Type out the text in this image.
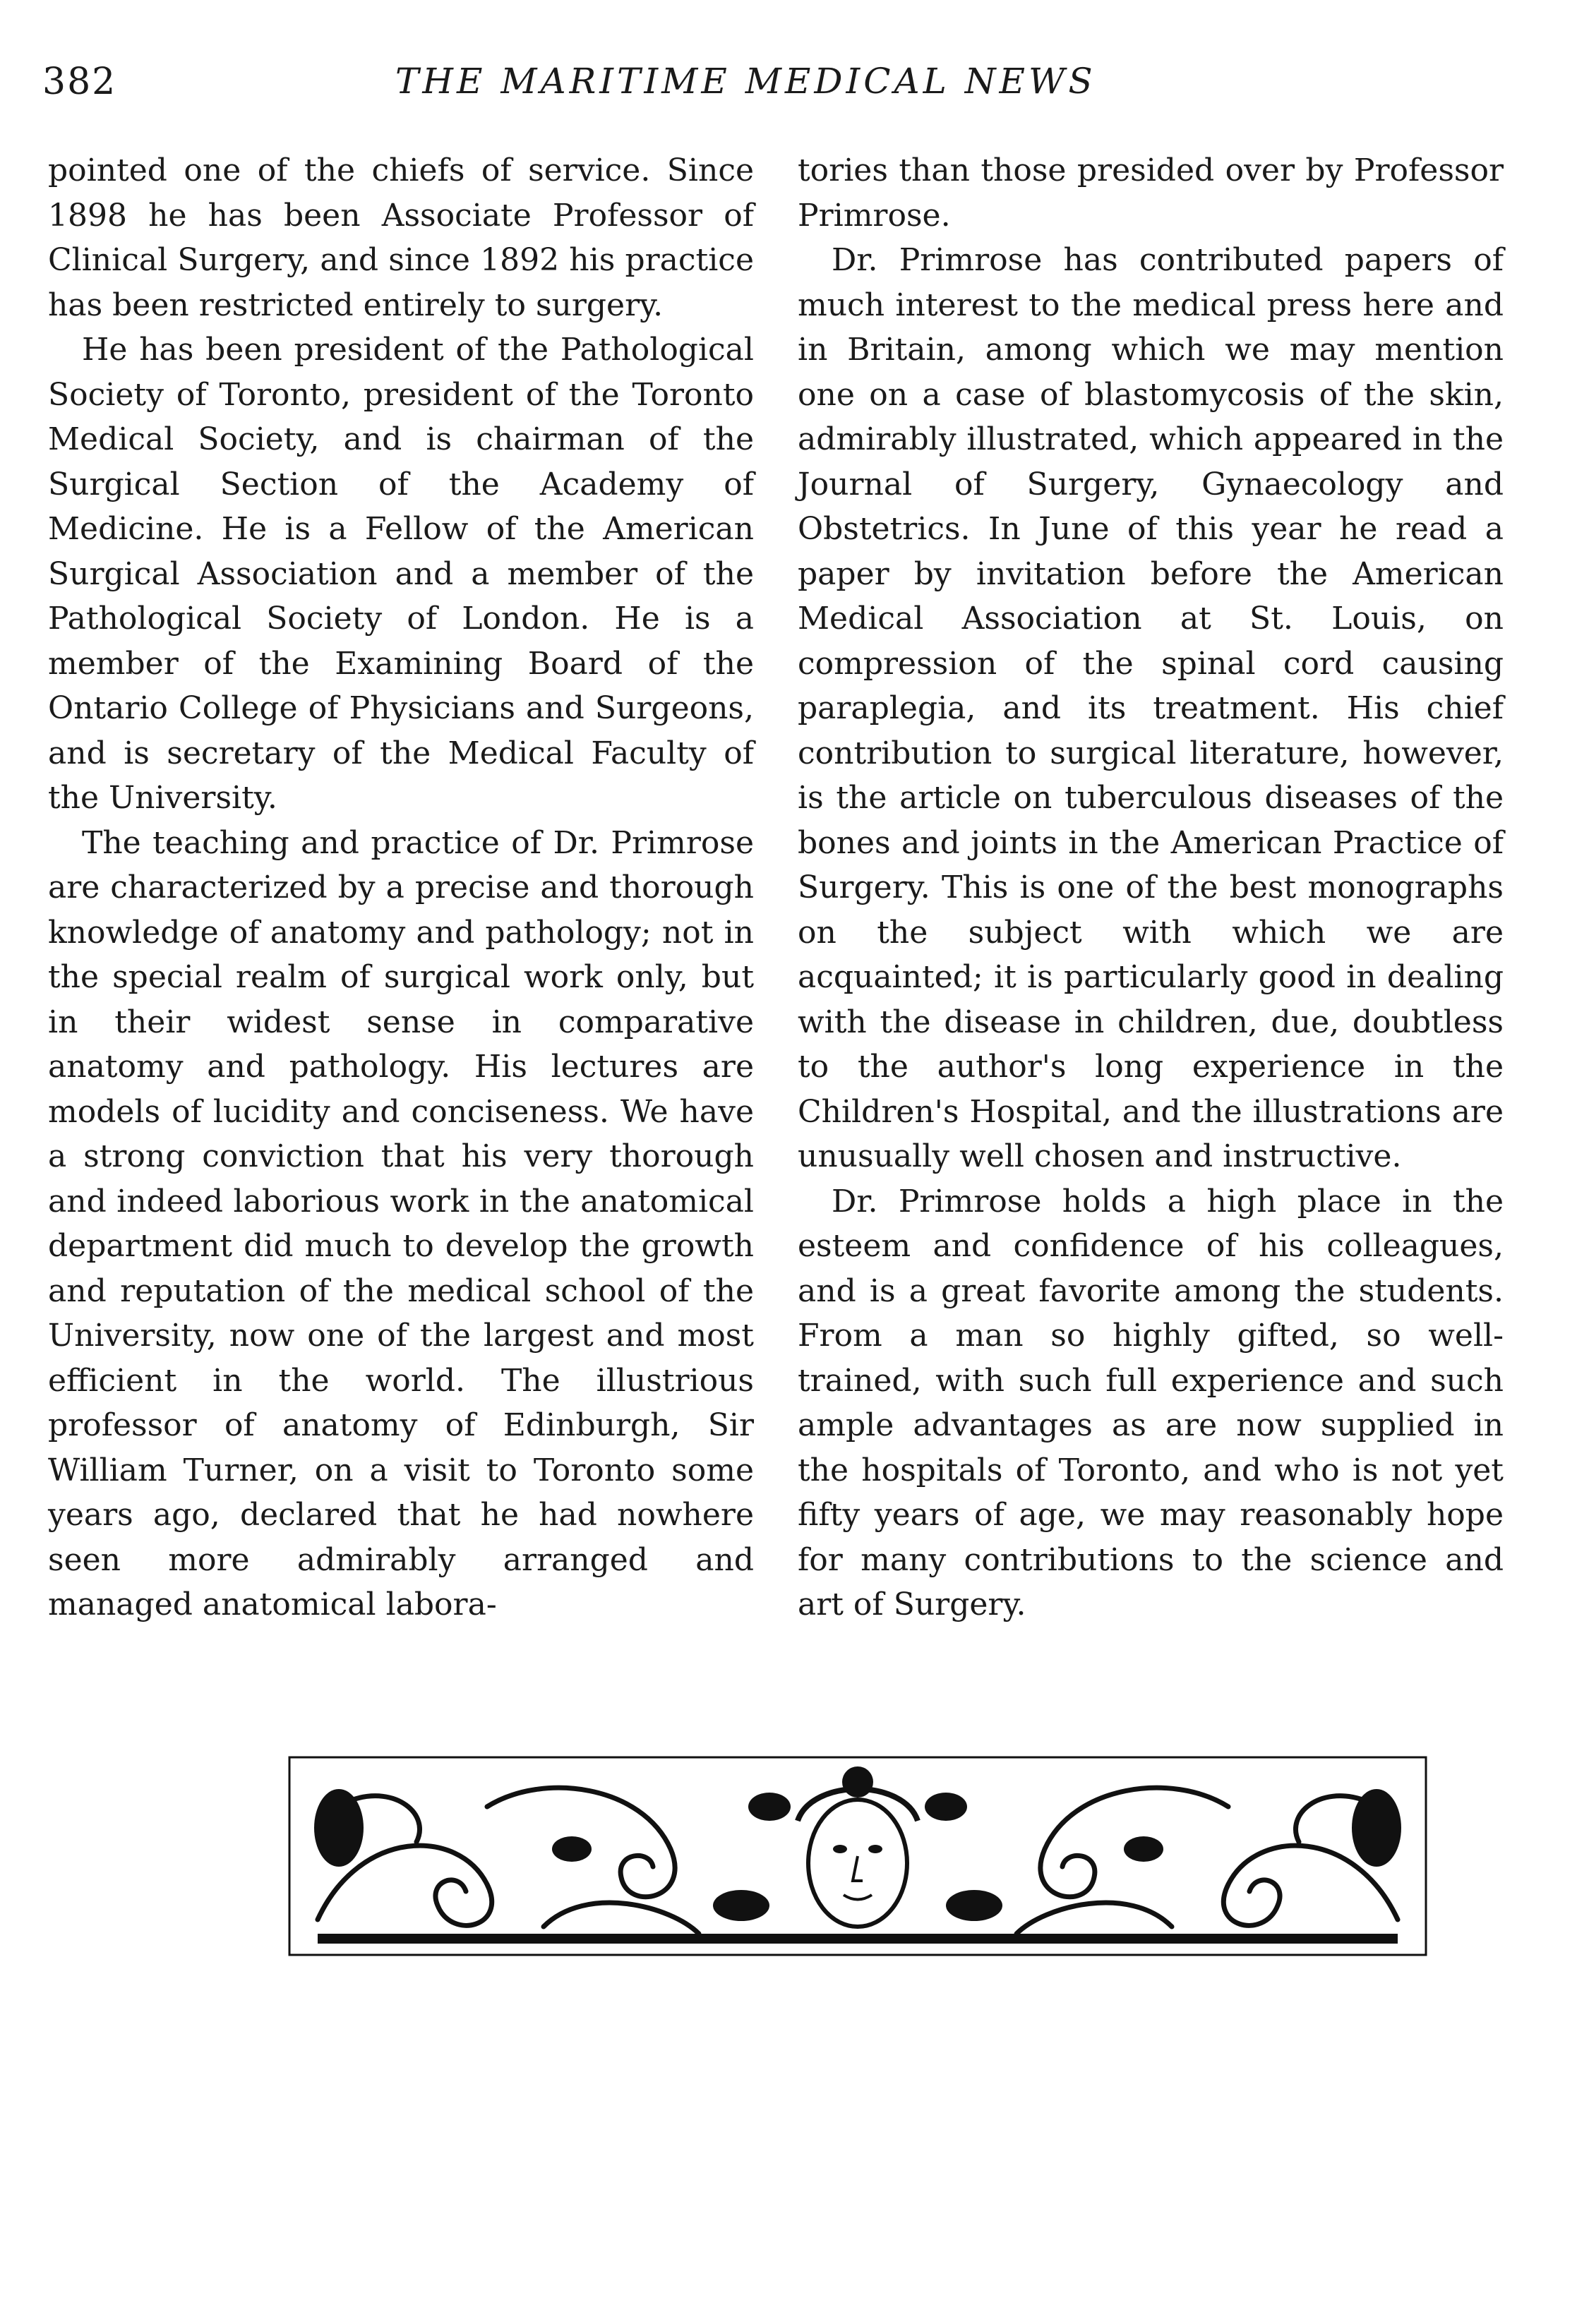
382	THE MARITIME MEDICAL NEWS

pointed one of the chiefs of service. Since 1898 he has been Associate Professor of Clinical Surgery, and since 1892 his practice has been restricted entirely to surgery.

He has been president of the Pathological Society of Toronto, president of the Toronto Medical Society, and is chairman of the Surgical Section of the Academy of Medicine. He is a Fellow of the American Surgical Association and a member of the Pathological Society of London. He is a member of the Examining Board of the Ontario College of Physicians and Surgeons, and is secretary of the Medical Faculty of the University.

The teaching and practice of Dr. Primrose are characterized by a precise and thorough knowledge of anatomy and pathology; not in the special realm of surgical work only, but in their widest sense in comparative anatomy and pathology. His lectures are models of lucidity and conciseness. We have a strong conviction that his very thorough and indeed laborious work in the anatomical department did much to develop the growth and reputation of the medical school of the University, now one of the largest and most efficient in the world. The illustrious professor of anatomy of Edinburgh, Sir William Turner, on a visit to Toronto some years ago, declared that he had nowhere seen more admirably arranged and managed anatomical labora-

tories than those presided over by Professor Primrose.

Dr. Primrose has contributed papers of much interest to the medical press here and in Britain, among which we may mention one on a case of blastomycosis of the skin, admirably illustrated, which appeared in the Journal of Surgery, Gynaecology and Obstetrics. In June of this year he read a paper by invitation before the American Medical Association at St. Louis, on compression of the spinal cord causing paraplegia, and its treatment. His chief contribution to surgical literature, however, is the article on tuberculous diseases of the bones and joints in the American Practice of Surgery. This is one of the best monographs on the subject with which we are acquainted; it is particularly good in dealing with the disease in children, due, doubtless to the author's long experience in the Children's Hospital, and the illustrations are unusually well chosen and instructive.

Dr. Primrose holds a high place in the esteem and confidence of his colleagues, and is a great favorite among the students. From a man so highly gifted, so well-trained, with such full experience and such ample advantages as are now supplied in the hospitals of Toronto, and who is not yet fifty years of age, we may reasonably hope for many contributions to the science and art of Surgery.
